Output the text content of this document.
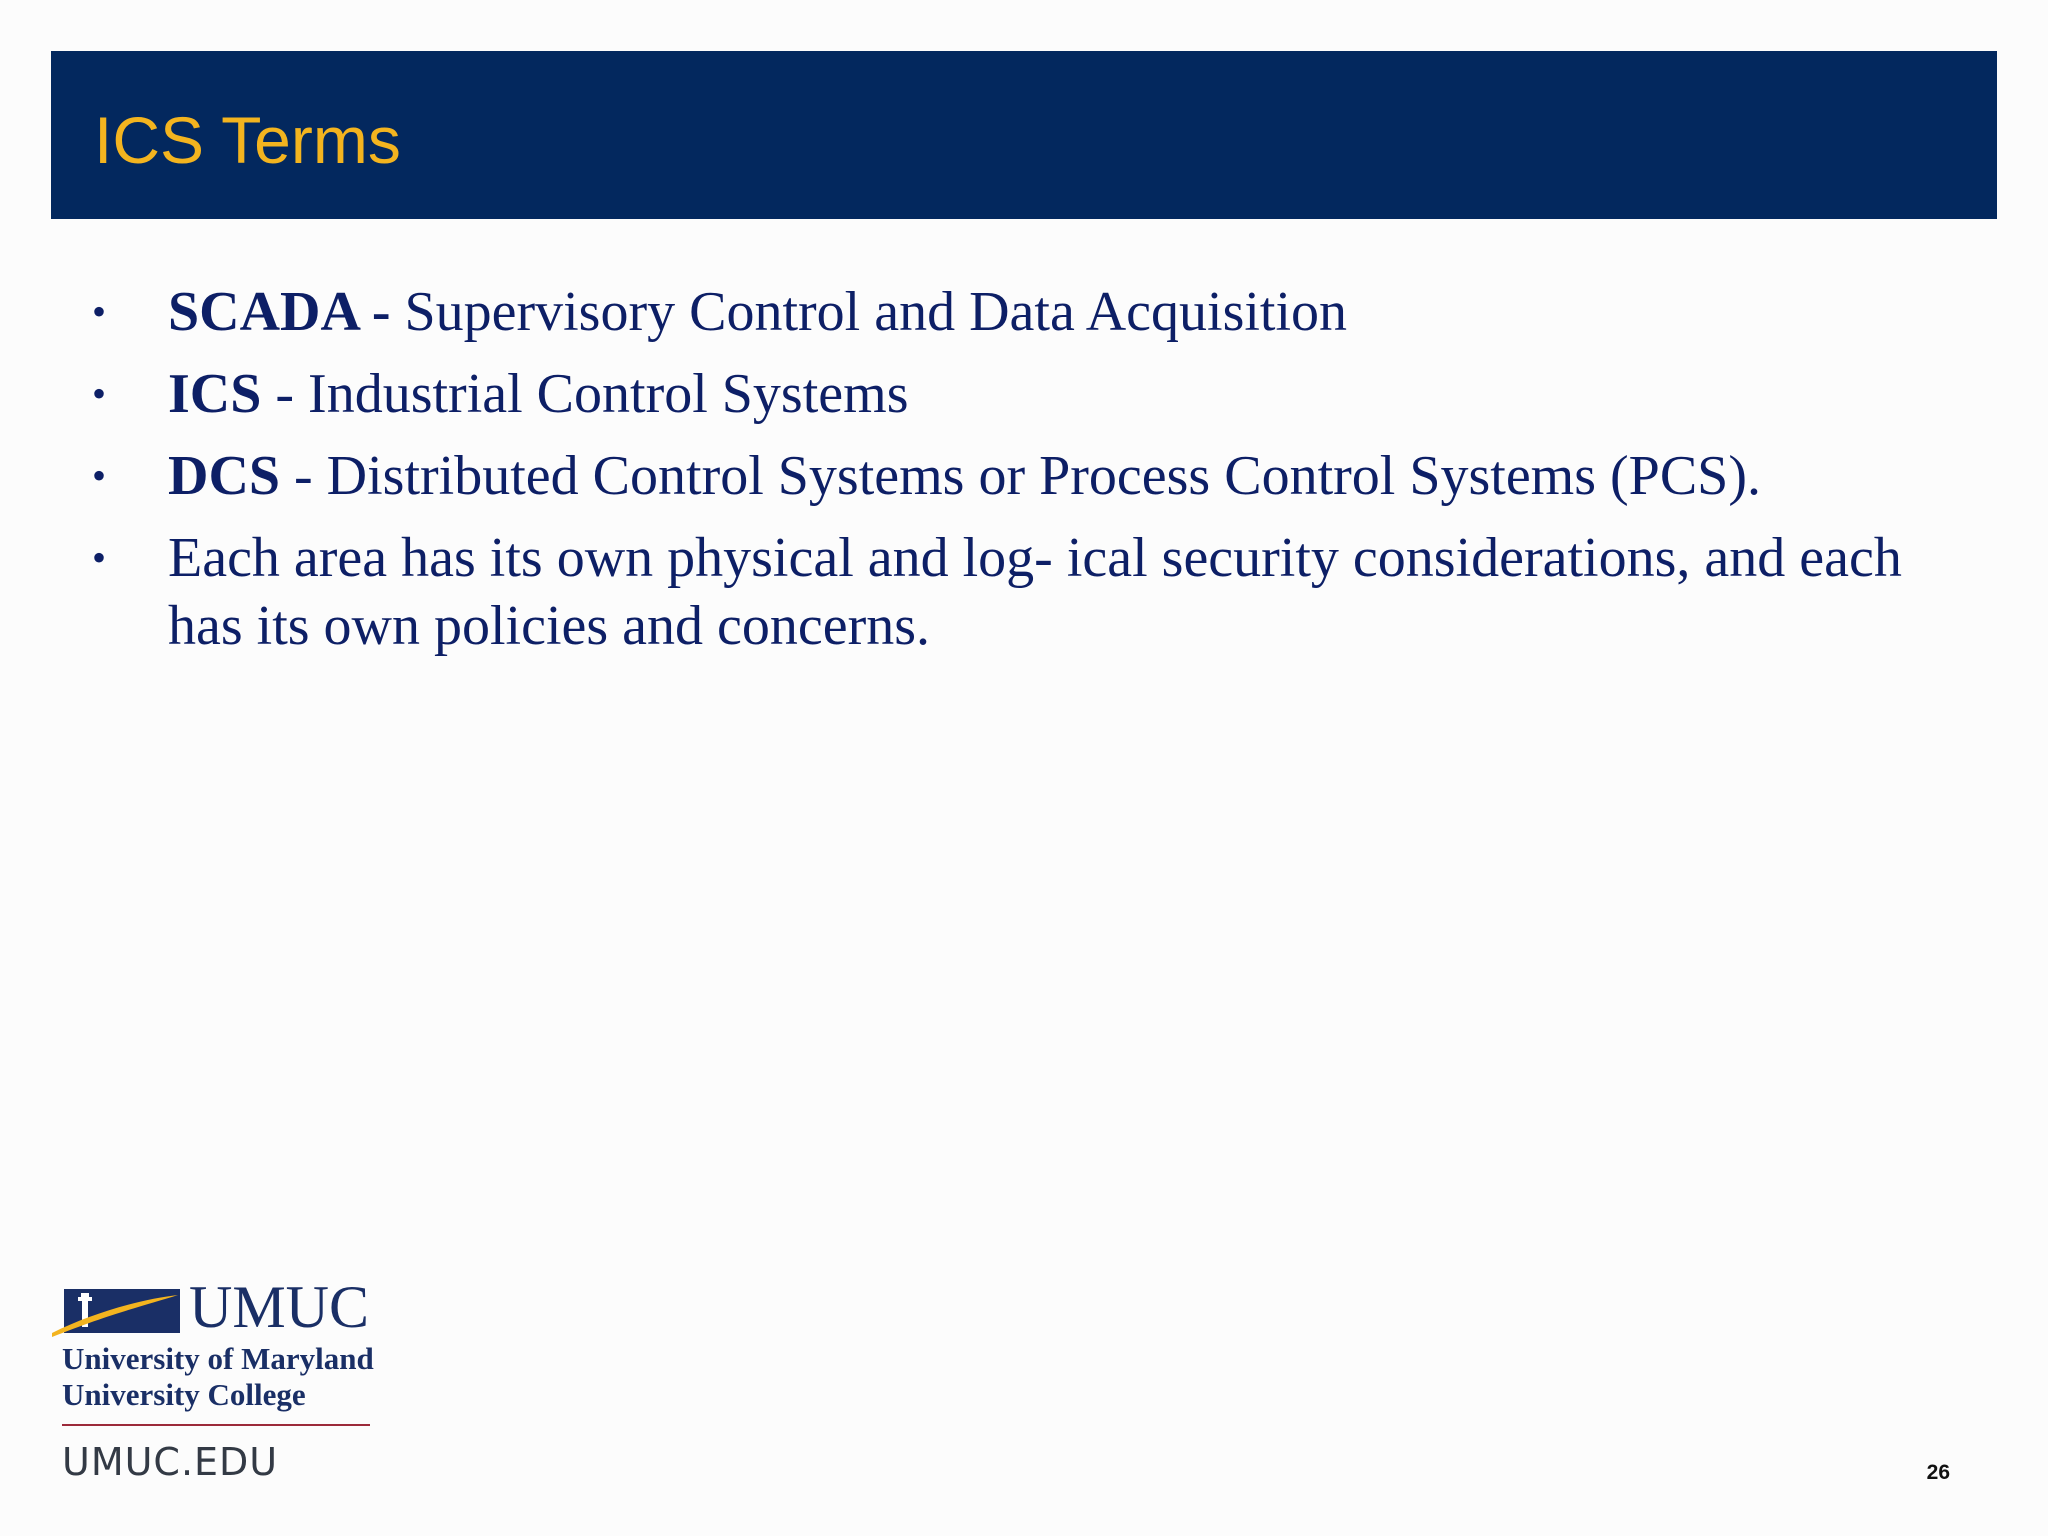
ICS Terms
• SCADA - Supervisory Control and Data Acquisition
• ICS - Industrial Control Systems
• DCS - Distributed Control Systems or Process Control Systems (PCS).
• Each area has its own physical and log- ical security considerations, and each has its own policies and concerns.

UMUC

University of Maryland

University College

UMUC.EDU	26
